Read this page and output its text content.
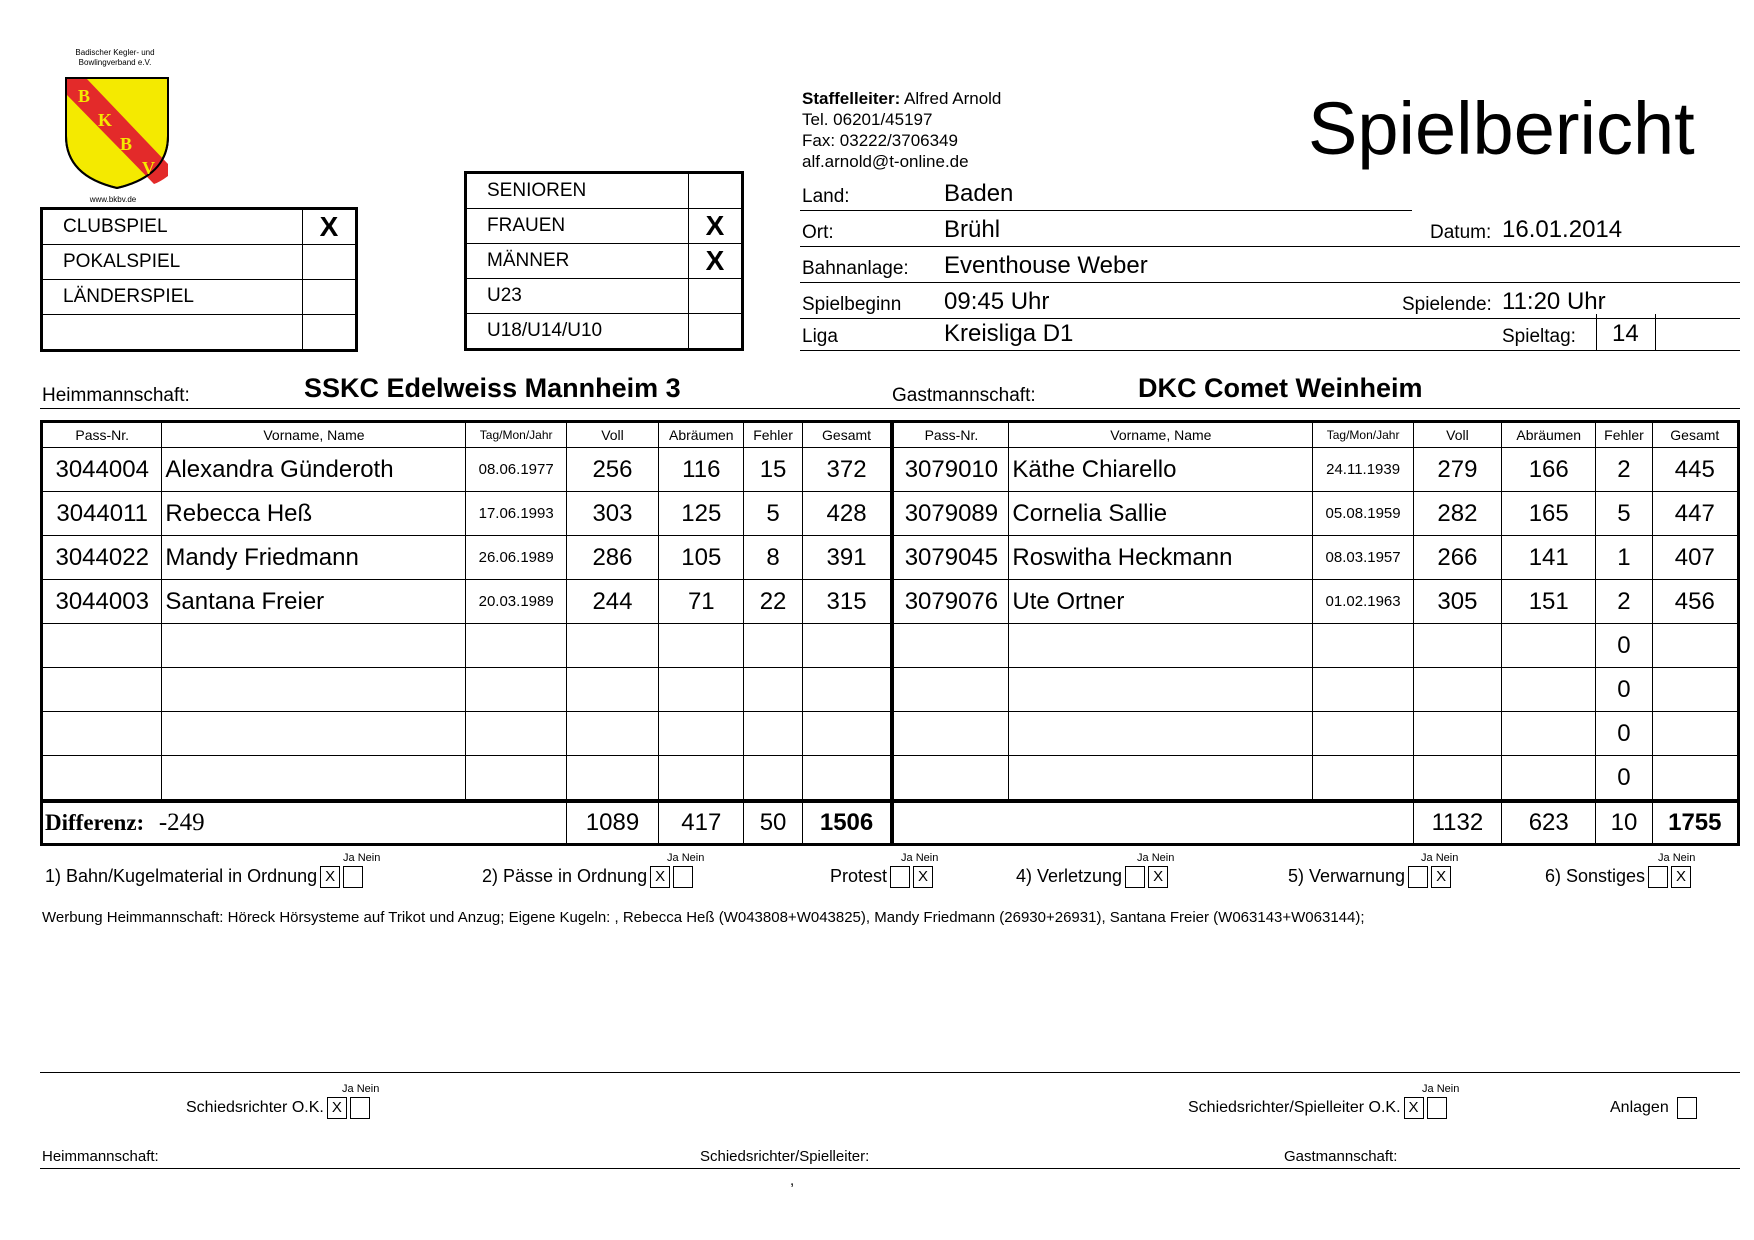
Badischer Kegler- und
Bowlingverband e.V.
B
K
B
V
www.bkbv.de
CLUBSPIEL	X
POKALSPIEL	
LÄNDERSPIEL	

SENIOREN	
FRAUEN	X
MÄNNER	X
U23	
U18/U14/U10	
Staffelleiter: Alfred Arnold
Tel. 06201/45197
Fax: 03222/3706349
alf.arnold@t-online.de	Spielbericht
Land:	Baden
Ort:	Brühl	Datum: 16.01.2014
Bahnanlage: Eventhouse Weber
Spielbeginn 09:45 Uhr	Spielende: 11:20 Uhr
Liga	Kreisliga D1	Spieltag: 14
Heimmannschaft:	SSKC Edelweiss Mannheim 3	Gastmannschaft:	DKC Comet Weinheim
Pass-Nr.	Vorname, Name	Tag/Mon/Jahr	Voll	Abräumen	Fehler	Gesamt	Pass-Nr.	Vorname, Name	Tag/Mon/Jahr	Voll	Abräumen	Fehler	Gesamt
3044004	Alexandra Günderoth	08.06.1977	256	116	15	372	3079010	Käthe Chiarello	24.11.1939	279	166	2	445
3044011	Rebecca Heß	17.06.1993	303	125	5	428	3079089	Cornelia Sallie	05.08.1959	282	165	5	447
3044022	Mandy Friedmann	26.06.1989	286	105	8	391	3079045	Roswitha Heckmann	08.03.1957	266	141	1	407
3044003	Santana Freier	20.03.1989	244	71	22	315	3079076	Ute Ortner	01.02.1963	305	151	2	456
												0	
												0	
												0	
												0	
Differenz: -249			1089	417	50	1506				1132	623	10	1755
1) Bahn/Kugelmaterial in Ordnung X
Ja Nein
2) Pässe in Ordnung X
Ja Nein
Protest X
Ja Nein
4) Verletzung X
Ja Nein
5) Verwarnung X
Ja Nein
6) Sonstiges X
Ja Nein
Werbung Heimmannschaft: Höreck Hörsysteme auf Trikot und Anzug; Eigene Kugeln: , Rebecca Heß (W043808+W043825), Mandy Friedmann (26930+26931), Santana Freier (W063143+W063144);
Ja Nein
Schiedsrichter O.K. X
Ja Nein
Schiedsrichter/Spielleiter O.K. X	Anlagen
Heimmannschaft:	Schiedsrichter/Spielleiter:	Gastmannschaft:
,
